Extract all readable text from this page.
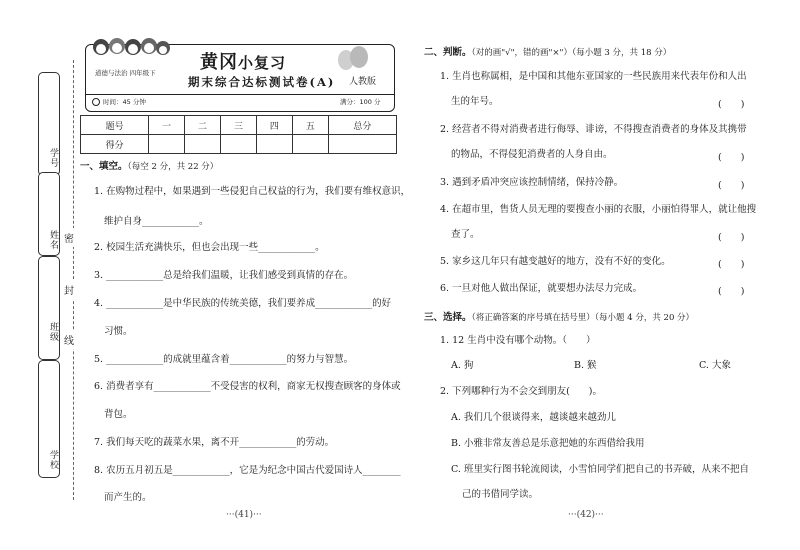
学号
姓名
班级
学校
密
封
线
黄冈小复习
道德与法治 四年级下
期末综合达标测试卷(A) 人教版
时间：45 分钟	满分：100 分
题号	一	二	三	四	五	总分
得分						
一、填空。（每空 2 分，共 22 分）
1. 在购物过程中，如果遇到一些侵犯自己权益的行为，我们要有维权意识，
维护自身____________。
2. 校园生活充满快乐，但也会出现一些____________。
3. ____________总是给我们温暖，让我们感受到真情的存在。
4. ____________是中华民族的传统美德，我们要养成____________的好
习惯。
5. ____________的成就里蕴含着____________的努力与智慧。
6. 消费者享有____________不受侵害的权利，商家无权搜查顾客的身体或
背包。
7. 我们每天吃的蔬菜水果，离不开____________的劳动。
8. 农历五月初五是____________，它是为纪念中国古代爱国诗人________
而产生的。
二、判断。（对的画"√"，错的画"×"）（每小题 3 分，共 18 分）
1. 生肖也称属相，是中国和其他东亚国家的一些民族用来代表年份和人出
生的年号。	(　　)
2. 经营者不得对消费者进行侮辱、诽谤，不得搜查消费者的身体及其携带
的物品，不得侵犯消费者的人身自由。	(　　)
3. 遇到矛盾冲突应该控制情绪，保持冷静。	(　　)
4. 在超市里，售货人员无理的要搜查小丽的衣服，小丽怕得罪人，就让他搜
查了。	(　　)
5. 家乡这几年只有越变越好的地方，没有不好的变化。	(　　)
6. 一旦对他人做出保证，就要想办法尽力完成。	(　　)
三、选择。（将正确答案的序号填在括号里）（每小题 4 分，共 20 分）
1. 12 生肖中没有哪个动物。（　　）
A. 狗	B. 猴	C. 大象
2. 下列哪种行为不会交到朋友(　　)。
A. 我们几个很谈得来，越谈越来越劲儿
B. 小雅非常友善总是乐意把她的东西借给我用
C. 班里实行图书轮流阅读，小雪怕同学们把自己的书弄破，从来不把自
己的书借同学读。
···(41)···	···(42)···
